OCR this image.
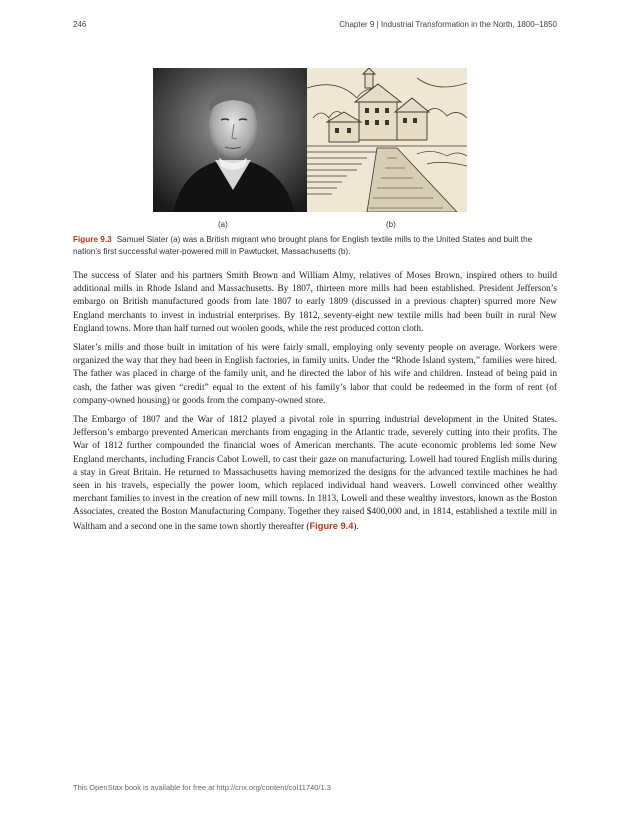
246	Chapter 9 | Industrial Transformation in the North, 1800–1850
(a)	(b)
Figure 9.3 Samuel Slater (a) was a British migrant who brought plans for English textile mills to the United States and built the nation’s first successful water-powered mill in Pawtucket, Massachusetts (b).

The success of Slater and his partners Smith Brown and William Almy, relatives of Moses Brown, inspired others to build additional mills in Rhode Island and Massachusetts. By 1807, thirteen more mills had been established. President Jefferson’s embargo on British manufactured goods from late 1807 to early 1809 (discussed in a previous chapter) spurred more New England merchants to invest in industrial enterprises. By 1812, seventy-eight new textile mills had been built in rural New England towns. More than half turned out woolen goods, while the rest produced cotton cloth.

Slater’s mills and those built in imitation of his were fairly small, employing only seventy people on average. Workers were organized the way that they had been in English factories, in family units. Under the “Rhode Island system,” families were hired. The father was placed in charge of the family unit, and he directed the labor of his wife and children. Instead of being paid in cash, the father was given “credit” equal to the extent of his family’s labor that could be redeemed in the form of rent (of company-owned housing) or goods from the company-owned store.

The Embargo of 1807 and the War of 1812 played a pivotal role in spurring industrial development in the United States. Jefferson’s embargo prevented American merchants from engaging in the Atlantic trade, severely cutting into their profits. The War of 1812 further compounded the financial woes of American merchants. The acute economic problems led some New England merchants, including Francis Cabot Lowell, to cast their gaze on manufacturing. Lowell had toured English mills during a stay in Great Britain. He returned to Massachusetts having memorized the designs for the advanced textile machines he had seen in his travels, especially the power loom, which replaced individual hand weavers. Lowell convinced other wealthy merchant families to invest in the creation of new mill towns. In 1813, Lowell and these wealthy investors, known as the Boston Associates, created the Boston Manufacturing Company. Together they raised $400,000 and, in 1814, established a textile mill in Waltham and a second one in the same town shortly thereafter (Figure 9.4).

This OpenStax book is available for free at http://cnx.org/content/col11740/1.3
